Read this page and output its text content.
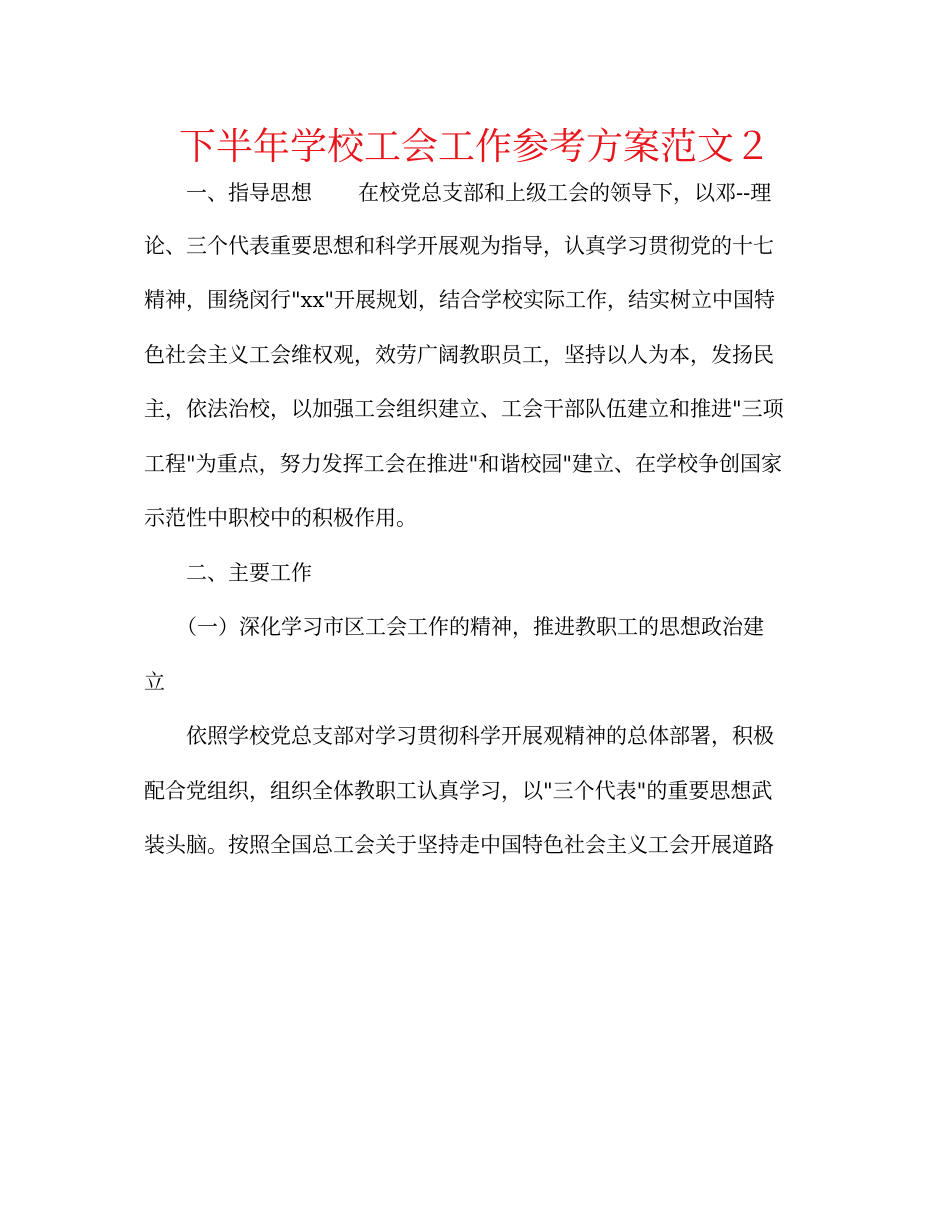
下半年学校工会工作参考方案范文２
一、指导思想 在校党总支部和上级工会的领导下，以邓--理
论、三个代表重要思想和科学开展观为指导，认真学习贯彻党的十七
精神，围绕闵行"xx"开展规划，结合学校实际工作，结实树立中国特
色社会主义工会维权观，效劳广阔教职员工，坚持以人为本，发扬民
主，依法治校，以加强工会组织建立、工会干部队伍建立和推进"三项
工程"为重点，努力发挥工会在推进"和谐校园"建立、在学校争创国家
示范性中职校中的积极作用。
二、主要工作
（一）深化学习市区工会工作的精神，推进教职工的思想政治建
立
依照学校党总支部对学习贯彻科学开展观精神的总体部署，积极
配合党组织，组织全体教职工认真学习，以"三个代表"的重要思想武
装头脑。按照全国总工会关于坚持走中国特色社会主义工会开展道路
